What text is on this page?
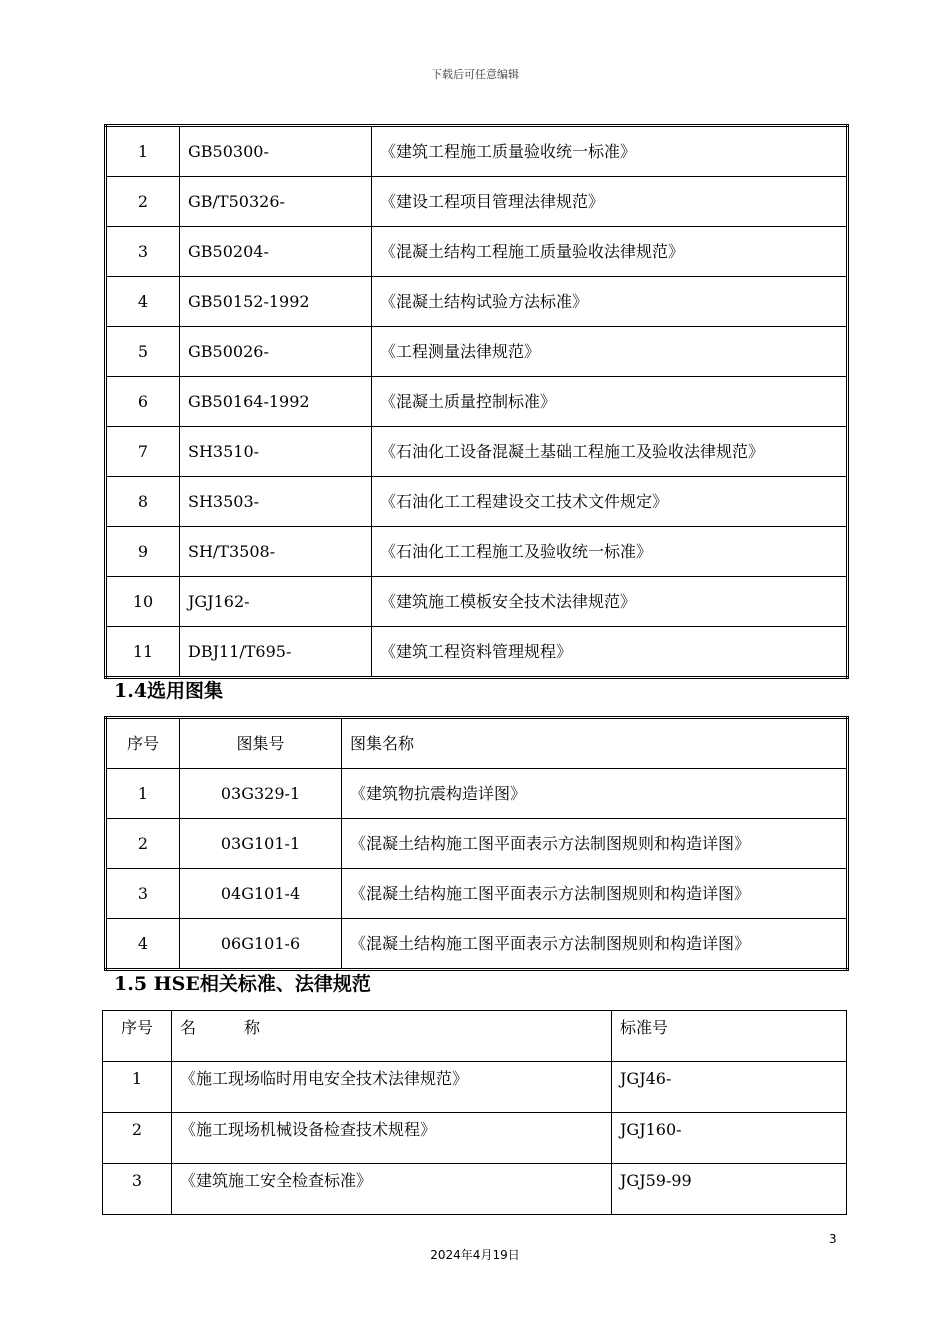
下载后可任意编辑
1	GB50300-	《建筑工程施工质量验收统一标准》
2	GB/T50326-	《建设工程项目管理法律规范》
3	GB50204-	《混凝土结构工程施工质量验收法律规范》
4	GB50152-1992	《混凝土结构试验方法标准》
5	GB50026-	《工程测量法律规范》
6	GB50164-1992	《混凝土质量控制标准》
7	SH3510-	《石油化工设备混凝土基础工程施工及验收法律规范》
8	SH3503-	《石油化工工程建设交工技术文件规定》
9	SH/T3508-	《石油化工工程施工及验收统一标准》
10	JGJ162-	《建筑施工模板安全技术法律规范》
11	DBJ11/T695-	《建筑工程资料管理规程》
1.4选用图集
序号	图集号	图集名称
1	03G329-1	《建筑物抗震构造详图》
2	03G101-1	《混凝土结构施工图平面表示方法制图规则和构造详图》
3	04G101-4	《混凝土结构施工图平面表示方法制图规则和构造详图》
4	06G101-6	《混凝土结构施工图平面表示方法制图规则和构造详图》
1.5 HSE相关标准、法律规范
序号	名　　　称	标准号
1	《施工现场临时用电安全技术法律规范》	JGJ46-
2	《施工现场机械设备检查技术规程》	JGJ160-
3	《建筑施工安全检查标准》	JGJ59-99
3
2024年4月19日
